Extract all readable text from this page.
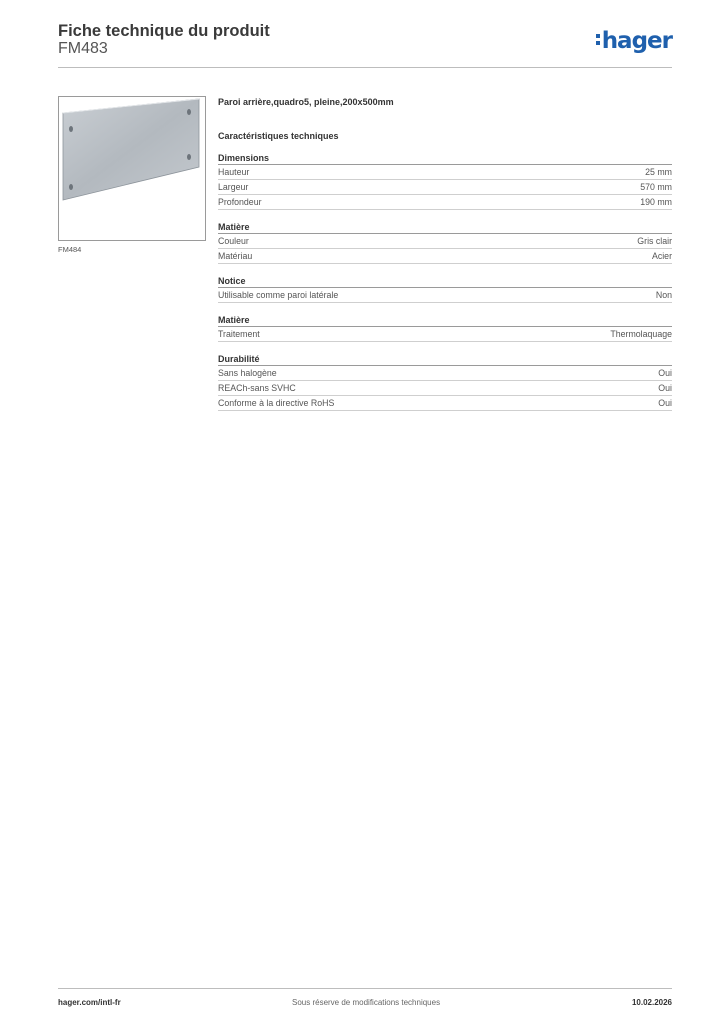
Fiche technique du produit
FM483	hager
FM484
Paroi arrière,quadro5, pleine,200x500mm
Caractéristiques techniques
Dimensions
Hauteur	25 mm
Largeur	570 mm
Profondeur	190 mm
Matière
Couleur	Gris clair
Matériau	Acier
Notice
Utilisable comme paroi latérale	Non
Matière
Traitement	Thermolaquage
Durabilité
Sans halogène	Oui
REACh-sans SVHC	Oui
Conforme à la directive RoHS	Oui
hager.com/intl-fr	Sous réserve de modifications techniques	10.02.2026
